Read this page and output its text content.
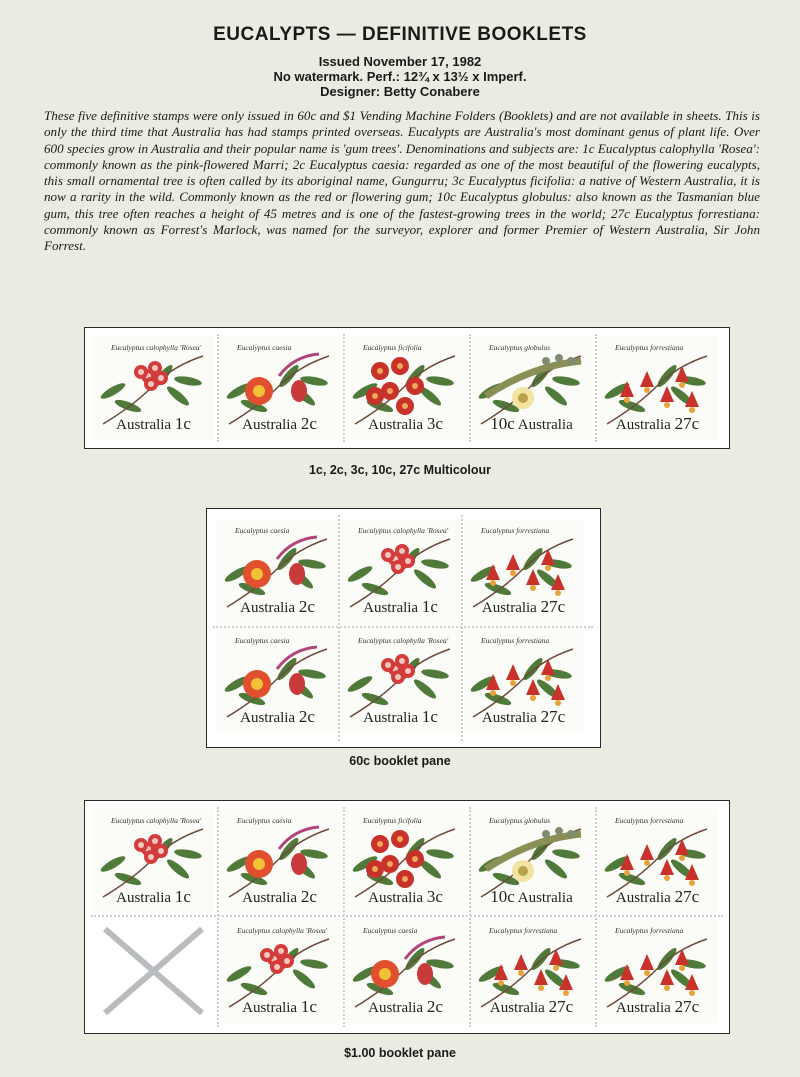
EUCALYPTS — DEFINITIVE BOOKLETS
Issued November 17, 1982
No watermark. Perf.: 12¾ x 13½ x Imperf.
Designer: Betty Conabere
These five definitive stamps were only issued in 60c and $1 Vending Machine Folders (Booklets) and are not available in sheets. This is only the third time that Australia has had stamps printed overseas. Eucalypts are Australia's most dominant genus of plant life. Over 600 species grow in Australia and their popular name is 'gum trees'. Denominations and subjects are: 1c Eucalyptus calophylla 'Rosea': commonly known as the pink-flowered Marri; 2c Eucalyptus caesia: regarded as one of the most beautiful of the flowering eucalypts, this small ornamental tree is often called by its aboriginal name, Gungurru; 3c Eucalyptus ficifolia: a native of Western Australia, it is now a rarity in the wild. Commonly known as the red or flowering gum; 10c Eucalyptus globulus: also known as the Tasmanian blue gum, this tree often reaches a height of 45 metres and is one of the fastest-growing trees in the world; 27c Eucalyptus forrestiana: commonly known as Forrest's Marlock, was named for the surveyor, explorer and former Premier of Western Australia, Sir John Forrest.
Eucalyptus calophylla 'Rosea'
Australia 1c
Eucalyptus caesia
Australia 2c
Eucalyptus ficifolia
Australia 3c
Eucalyptus globulus
10c Australia
Eucalyptus forrestiana
Australia 27c
1c, 2c, 3c, 10c, 27c Multicolour
Eucalyptus caesia
Australia 2c
Eucalyptus calophylla 'Rosea'
Australia 1c
Eucalyptus forrestiana
Australia 27c
Eucalyptus caesia
Australia 2c
Eucalyptus calophylla 'Rosea'
Australia 1c
Eucalyptus forrestiana
Australia 27c
60c booklet pane
Eucalyptus calophylla 'Rosea'
Australia 1c
Eucalyptus caesia
Australia 2c
Eucalyptus ficifolia
Australia 3c
Eucalyptus globulus
10c Australia
Eucalyptus forrestiana
Australia 27c
Eucalyptus calophylla 'Rosea'
Australia 1c
Eucalyptus caesia
Australia 2c
Eucalyptus forrestiana
Australia 27c
Eucalyptus forrestiana
Australia 27c
$1.00 booklet pane
